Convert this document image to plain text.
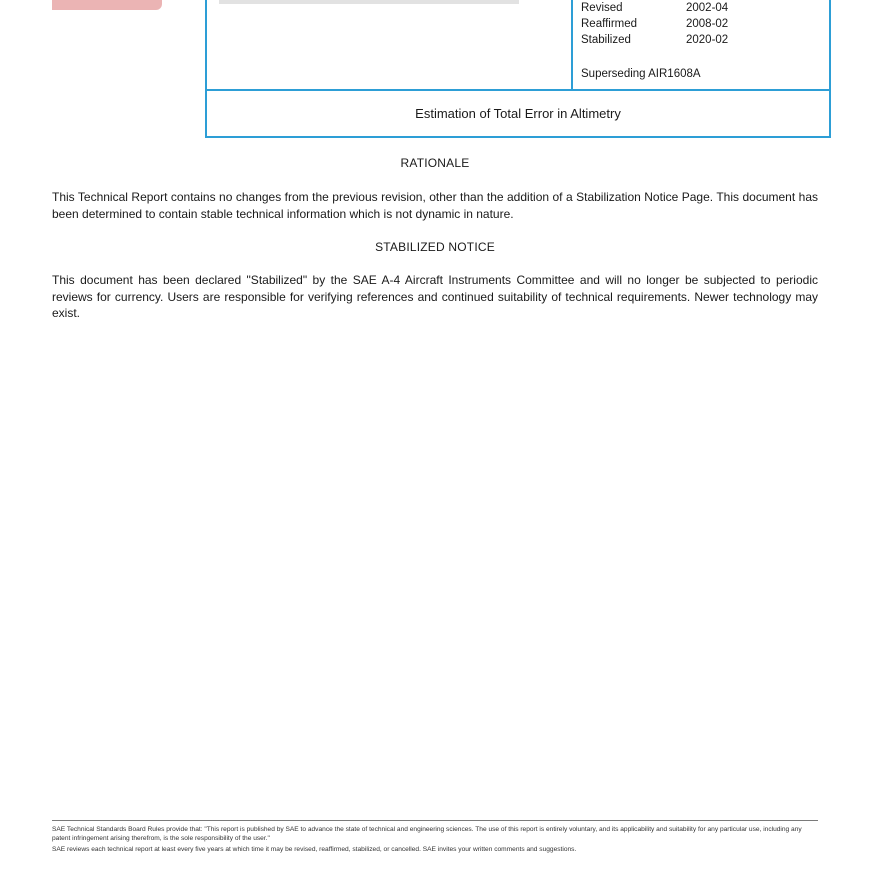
Revised	2002-04
Reaffirmed	2008-02
Stabilized	2020-02
Superseding AIR1608A
Estimation of Total Error in Altimetry
RATIONALE
This Technical Report contains no changes from the previous revision, other than the addition of a Stabilization Notice Page. This document has been determined to contain stable technical information which is not dynamic in nature.
STABILIZED NOTICE
This document has been declared "Stabilized" by the SAE A-4 Aircraft Instruments Committee and will no longer be subjected to periodic reviews for currency. Users are responsible for verifying references and continued suitability of technical requirements. Newer technology may exist.

SAE Technical Standards Board Rules provide that: "This report is published by SAE to advance the state of technical and engineering sciences. The use of this report is entirely voluntary, and its applicability and suitability for any particular use, including any patent infringement arising therefrom, is the sole responsibility of the user."

SAE reviews each technical report at least every five years at which time it may be revised, reaffirmed, stabilized, or cancelled. SAE invites your written comments and suggestions.
